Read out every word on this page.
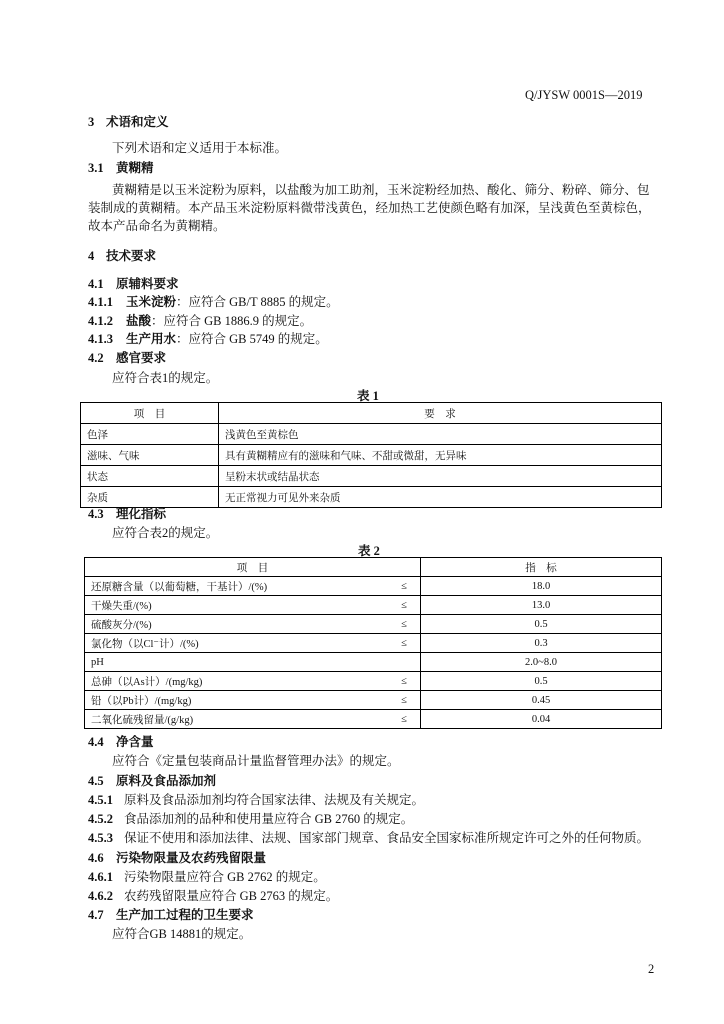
Q/JYSW 0001S—2019
3 术语和定义
下列术语和定义适用于本标准。
3.1 黄糊精
黄糊精是以玉米淀粉为原料，以盐酸为加工助剂，玉米淀粉经加热、酸化、筛分、粉碎、筛分、包
装制成的黄糊精。本产品玉米淀粉原料微带浅黄色，经加热工艺使颜色略有加深，呈浅黄色至黄棕色，
故本产品命名为黄糊精。
4 技术要求
4.1 原辅料要求
4.1.1 玉米淀粉：应符合 GB/T 8885 的规定。
4.1.2 盐酸：应符合 GB 1886.9 的规定。
4.1.3 生产用水：应符合 GB 5749 的规定。
4.2 感官要求
应符合表1的规定。
表 1
项　目	要　求
色泽	浅黄色至黄棕色
滋味、气味	具有黄糊精应有的滋味和气味、不甜或微甜，无异味
状态	呈粉末状或结晶状态
杂质	无正常视力可见外来杂质
4.3 理化指标
应符合表2的规定。
表 2
项　目		指　标
还原糖含量（以葡萄糖，干基计）/(%)	≤	18.0
干燥失重/(%)	≤	13.0
硫酸灰分/(%)	≤	0.5
氯化物（以Cl⁻计）/(%)	≤	0.3
pH		2.0~8.0
总砷（以As计）/(mg/kg)	≤	0.5
铅（以Pb计）/(mg/kg)	≤	0.45
二氧化硫残留量/(g/kg)	≤	0.04
4.4 净含量
应符合《定量包装商品计量监督管理办法》的规定。
4.5 原料及食品添加剂
4.5.1 原料及食品添加剂均符合国家法律、法规及有关规定。
4.5.2 食品添加剂的品种和使用量应符合 GB 2760 的规定。
4.5.3 保证不使用和添加法律、法规、国家部门规章、食品安全国家标准所规定许可之外的任何物质。
4.6 污染物限量及农药残留限量
4.6.1 污染物限量应符合 GB 2762 的规定。
4.6.2 农药残留限量应符合 GB 2763 的规定。
4.7 生产加工过程的卫生要求
应符合GB 14881的规定。
2
